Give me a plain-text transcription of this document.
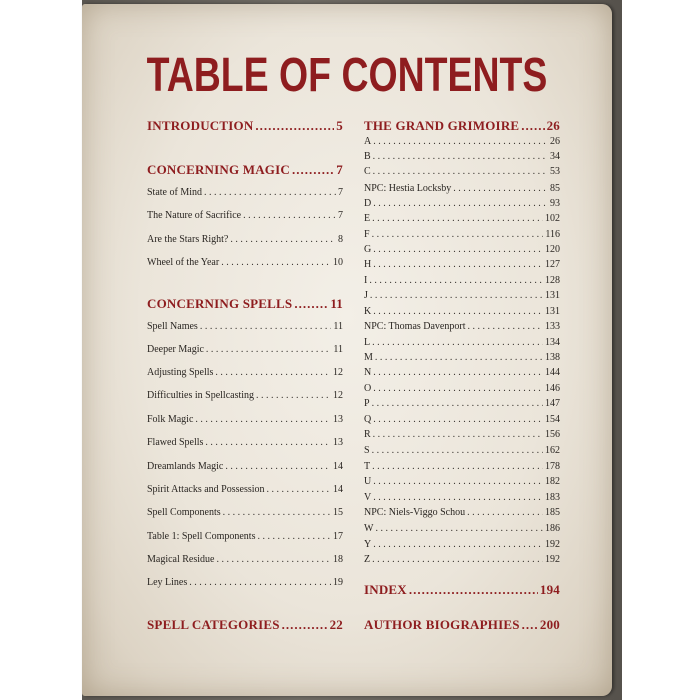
TABLE OF CONTENTS
INTRODUCTION .....	5
CONCERNING MAGIC .....	7
State of Mind . . .	7
The Nature of Sacrifice . . .	7
Are the Stars Right? . . .	8
Wheel of the Year . . .	10
CONCERNING SPELLS .....	11
Spell Names . . .	11
Deeper Magic . . .	11
Adjusting Spells . . .	12
Difficulties in Spellcasting . . .	12
Folk Magic . . .	13
Flawed Spells . . .	13
Dreamlands Magic . . .	14
Spirit Attacks and Possession . . .	14
Spell Components . . .	15
Table 1: Spell Components . . .	17
Magical Residue . . .	18
Ley Lines . . .	19
SPELL CATEGORIES .....	22
THE GRAND GRIMOIRE ..... 26
A . . .	26
B . . .	34
C . . .	53
NPC: Hestia Locksby . . .	85
D . . .	93
E . . .	102
F . . .	116
G . . .	120
H . . .	127
I . . .	128
J . . .	131
K . . .	131
NPC: Thomas Davenport . . .	133
L . . .	134
M . . .	138
N . . .	144
O . . .	146
P . . .	147
Q . . .	154
R . . .	156
S . . .	162
T . . .	178
U . . .	182
V . . .	183
NPC: Niels-Viggo Schou . . .	185
W . . .	186
Y . . .	192
Z . . .	192
INDEX .....	194
AUTHOR BIOGRAPHIES ..... 200
